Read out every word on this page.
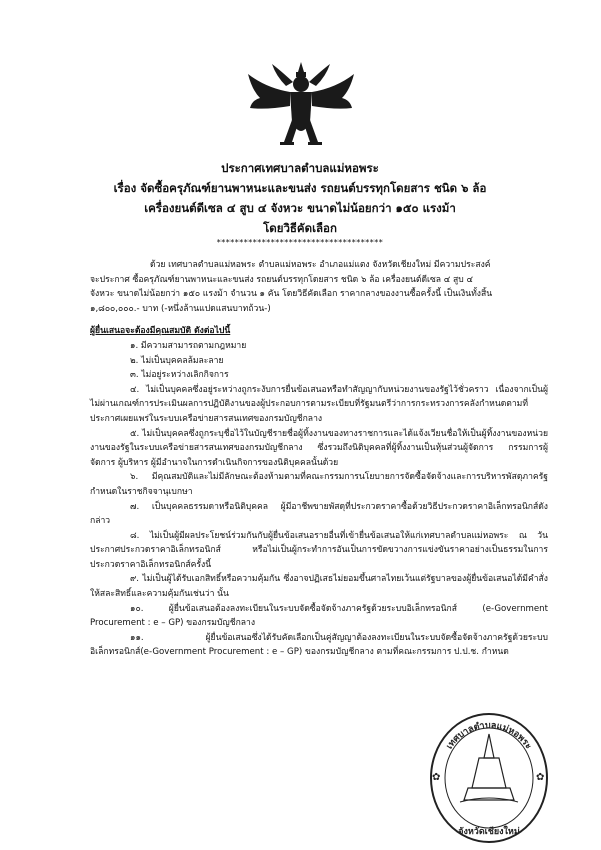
ประกาศเทศบาลตำบลแม่หอพระ
เรื่อง จัดซื้อครุภัณฑ์ยานพาหนะและขนส่ง รถยนต์บรรทุกโดยสาร ชนิด ๖ ล้อ
เครื่องยนต์ดีเซล ๔ สูบ ๔ จังหวะ ขนาดไม่น้อยกว่า ๑๕๐ แรงม้า
โดยวิธีคัดเลือก
*************************************

ด้วย เทศบาลตำบลแม่หอพระ ตำบลแม่หอพระ อำเภอแม่แตง จังหวัดเชียงใหม่ มีความประสงค์

จะประกาศ ซื้อครุภัณฑ์ยานพาหนะและขนส่ง รถยนต์บรรทุกโดยสาร ชนิด ๖ ล้อ เครื่องยนต์ดีเซล ๔ สูบ ๔

จังหวะ ขนาดไม่น้อยกว่า ๑๕๐ แรงม้า จำนวน ๑ คัน โดยวิธีคัดเลือก ราคากลางของงานซื้อครั้งนี้ เป็นเงินทั้งสิ้น

๑,๘๐๐,๐๐๐.- บาท (-หนึ่งล้านแปดแสนบาทถ้วน-)

ผู้ยื่นเสนอจะต้องมีคุณสมบัติ ดังต่อไปนี้

๑. มีความสามารถตามกฎหมาย

๒. ไม่เป็นบุคคลล้มละลาย

๓. ไม่อยู่ระหว่างเลิกกิจการ

๔. ไม่เป็นบุคคลซึ่งอยู่ระหว่างถูกระงับการยื่นข้อเสนอหรือทำสัญญากับหน่วยงานของรัฐไว้ชั่วคราว เนื่องจากเป็นผู้ไม่ผ่านเกณฑ์การประเมินผลการปฏิบัติงานของผู้ประกอบการตามระเบียบที่รัฐมนตรีว่าการกระทรวงการคลังกำหนดตามที่ประกาศเผยแพร่ในระบบเครือข่ายสารสนเทศของกรมบัญชีกลาง

๕. ไม่เป็นบุคคลซึ่งถูกระบุชื่อไว้ในบัญชีรายชื่อผู้ทิ้งงานของทางราชการและได้แจ้งเวียนชื่อให้เป็นผู้ทิ้งงานของหน่วยงานของรัฐในระบบเครือข่ายสารสนเทศของกรมบัญชีกลาง ซึ่งรวมถึงนิติบุคคลที่ผู้ทิ้งงานเป็นหุ้นส่วนผู้จัดการ กรรมการผู้จัดการ ผู้บริหาร ผู้มีอำนาจในการดำเนินกิจการของนิติบุคคลนั้นด้วย

๖. มีคุณสมบัติและไม่มีลักษณะต้องห้ามตามที่คณะกรรมการนโยบายการจัดซื้อจัดจ้างและการบริหารพัสดุภาครัฐกำหนดในราชกิจจานุเบกษา

๗. เป็นบุคคลธรรมดาหรือนิติบุคคล ผู้มีอาชีพขายพัสดุที่ประกวดราคาซื้อด้วยวิธีประกวดราคาอิเล็กทรอนิกส์ดังกล่าว

๘. ไม่เป็นผู้มีผลประโยชน์ร่วมกันกับผู้ยื่นข้อเสนอรายอื่นที่เข้ายื่นข้อเสนอให้แก่เทศบาลตำบลแม่หอพระ ณ วันประกาศประกวดราคาอิเล็กทรอนิกส์ หรือไม่เป็นผู้กระทำการอันเป็นการขัดขวางการแข่งขันราคาอย่างเป็นธรรมในการประกวดราคาอิเล็กทรอนิกส์ครั้งนี้

๙. ไม่เป็นผู้ได้รับเอกสิทธิ์หรือความคุ้มกัน ซึ่งอาจปฏิเสธไม่ยอมขึ้นศาลไทยเว้นแต่รัฐบาลของผู้ยื่นข้อเสนอได้มีคำสั่งให้สละสิทธิ์และความคุ้มกันเช่นว่า นั้น

๑๐. ผู้ยื่นข้อเสนอต้องลงทะเบียนในระบบจัดซื้อจัดจ้างภาครัฐด้วยระบบอิเล็กทรอนิกส์ (e-Government Procurement : e – GP) ของกรมบัญชีกลาง

๑๑. ผู้ยื่นข้อเสนอซึ่งได้รับคัดเลือกเป็นคู่สัญญาต้องลงทะเบียนในระบบจัดซื้อจัดจ้างภาครัฐด้วยระบบอิเล็กทรอนิกส์(e-Government Procurement : e – GP) ของกรมบัญชีกลาง ตามที่คณะกรรมการ ป.ป.ช. กำหนด

เทศบาลตำบลแม่หอพระ
จังหวัดเชียงใหม่
✿	✿
